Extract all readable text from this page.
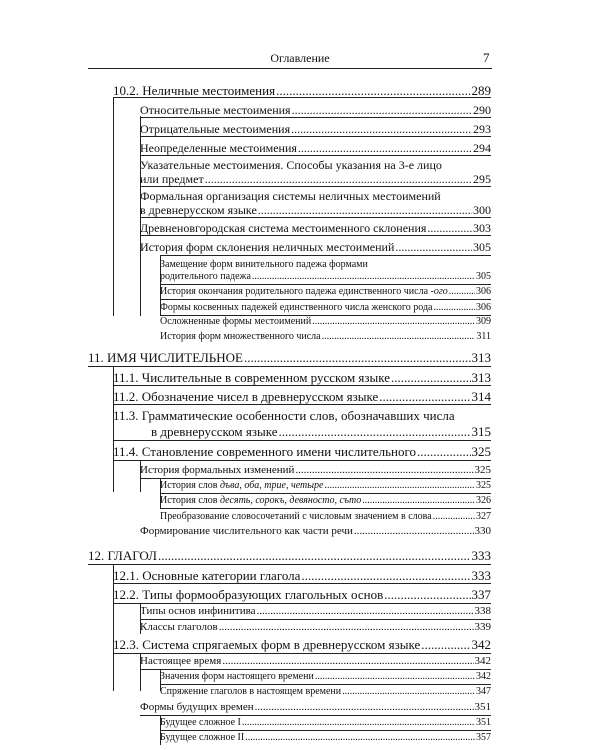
Оглавление	7
10.2. Неличные местоимения .....	289
Относительные местоимения .....	290
Отрицательные местоимения .....	293
Неопределенные местоимения .....	294
Указательные местоимения. Способы указания на 3-е лицо
или предмет .....	295
Формальная организация системы неличных местоимений
в древнерусском языке .....	300
Древненовгородская система местоименного склонения .....	303
История форм склонения неличных местоимений .....	305
Замещение форм винительного падежа формами
родительного падежа .....	305
История окончания родительного падежа единственного числа -ого .....	306
Формы косвенных падежей единственного числа женского рода .....	306
Осложненные формы местоимений .....	309
История форм множественного числа .....	311
11. ИМЯ ЧИСЛИТЕЛЬНОЕ .....	313
11.1. Числительные в современном русском языке .....	313
11.2. Обозначение чисел в древнерусском языке .....	314
11.3. Грамматические особенности слов, обозначавших числа
в древнерусском языке .....	315
11.4. Становление современного имени числительного .....	325
История формальных изменений .....	325
История слов дъва, оба, трие, четыре .....	325
История слов десять, сорокъ, девяносто, съто .....	326
Преобразование словосочетаний с числовым значением в слова .....	327
Формирование числительного как части речи .....	330
12. ГЛАГОЛ .....	333
12.1. Основные категории глагола .....	333
12.2. Типы формообразующих глагольных основ .....	337
Типы основ инфинитива .....	338
Классы глаголов .....	339
12.3. Система спрягаемых форм в древнерусском языке .....	342
Настоящее время .....	342
Значения форм настоящего времени .....	342
Спряжение глаголов в настоящем времени .....	347
Формы будущих времен .....	351
Будущее сложное I .....	351
Будущее сложное II .....	357
